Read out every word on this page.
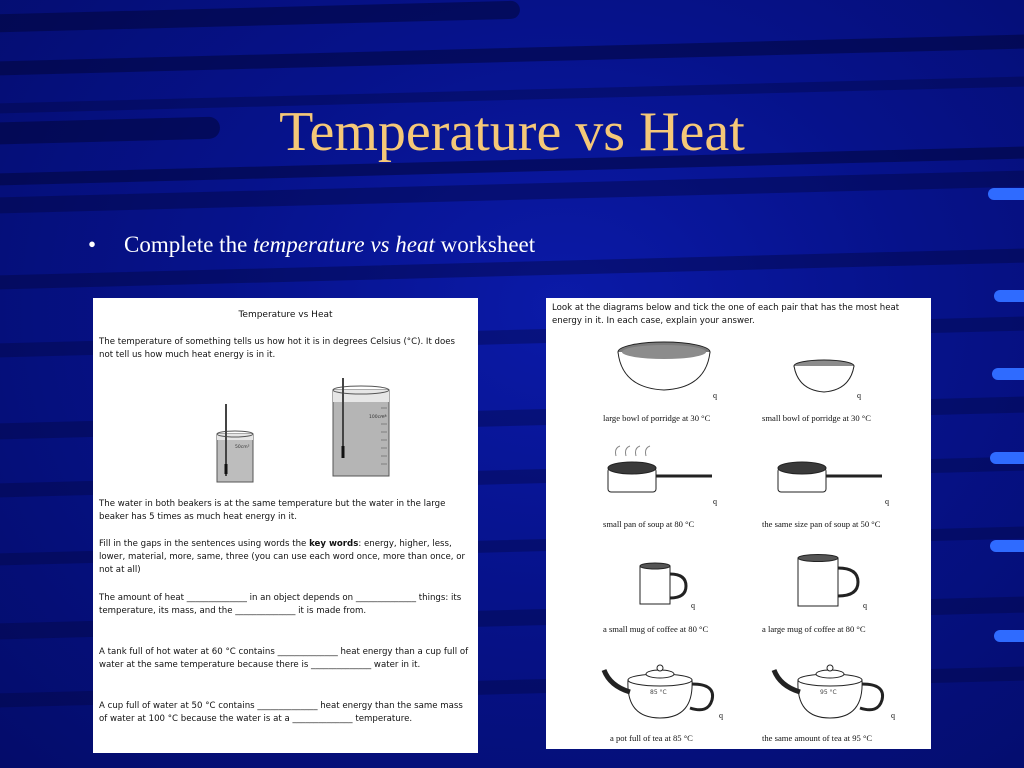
Temperature vs Heat
• Complete the temperature vs heat worksheet
Temperature vs Heat

The temperature of something tells us how hot it is in degrees Celsius (°C). It does not tell us how much heat energy is in it.

50cm³
100cm³

The water in both beakers is at the same temperature but the water in the large beaker has 5 times as much heat energy in it.

Fill in the gaps in the sentences using words the key words: energy, higher, less, lower, material, more, same, three (you can use each word once, more than once, or not at all)

The amount of heat ______________ in an object depends on ______________ things: its temperature, its mass, and the ______________ it is made from.

A tank full of hot water at 60 °C contains ______________ heat energy than a cup full of water at the same temperature because there is ______________ water in it.

A cup full of water at 50 °C contains ______________ heat energy than the same mass of water at 100 °C because the water is at a ______________ temperature.

Look at the diagrams below and tick the one of each pair that has the most heat energy in it. In each case, explain your answer.

q	q
large bowl of porridge at 30 °C	small bowl of porridge at 30 °C
q	q
small pan of soup at 80 °C	the same size pan of soup at 50 °C
q	q
a small mug of coffee at 80 °C	a large mug of coffee at 80 °C
85 °C	95 °C
q	q
a pot full of tea at 85 °C	the same amount of tea at 95 °C
